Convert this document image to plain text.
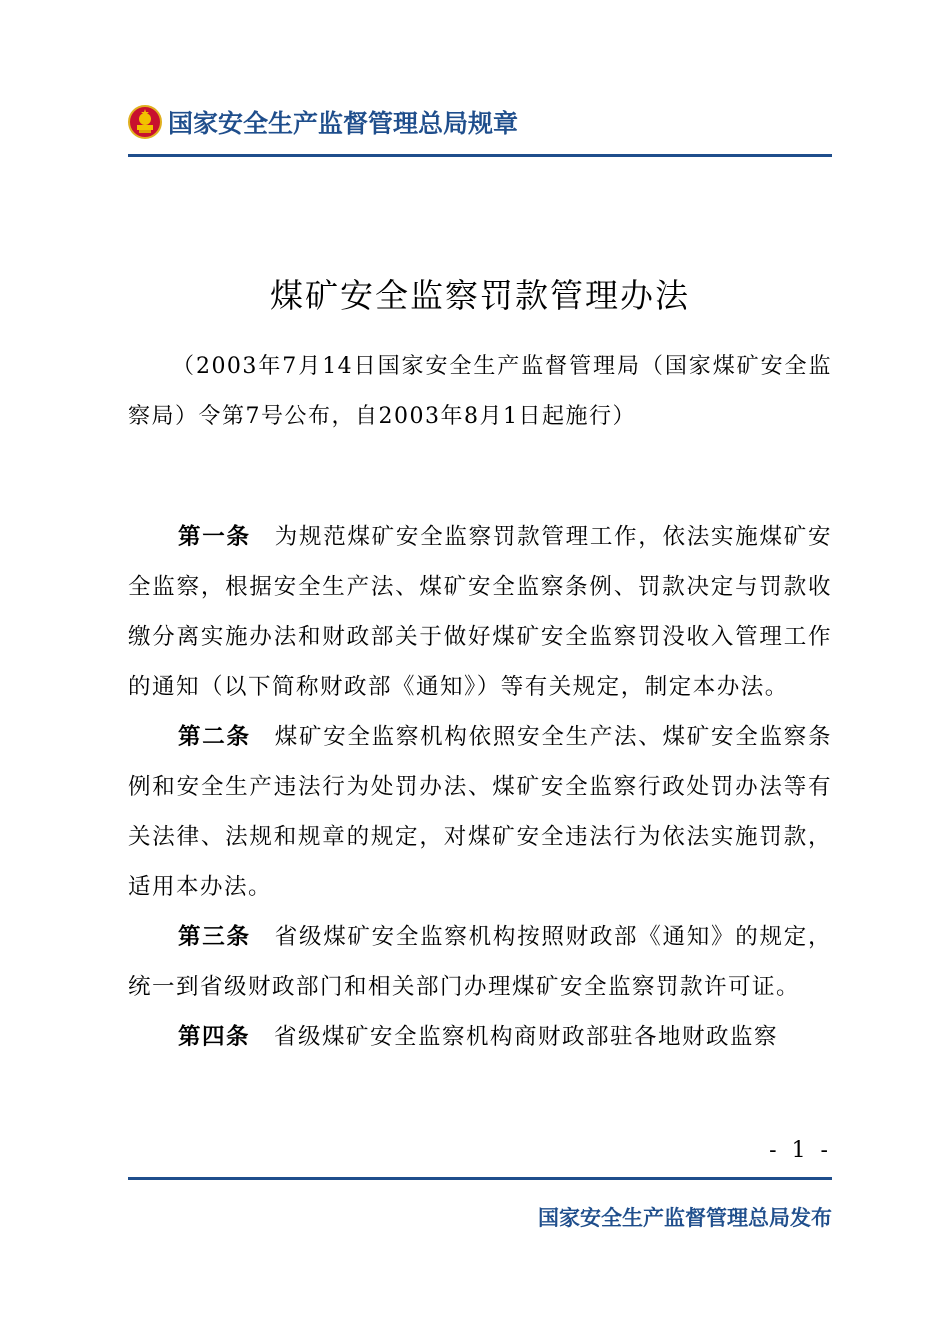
国家安全生产监督管理总局规章
煤矿安全监察罚款管理办法
（2003年7月14日国家安全生产监督管理局（国家煤矿安全监察局）令第7号公布，自2003年8月1日起施行）

第一条 为规范煤矿安全监察罚款管理工作，依法实施煤矿安全监察，根据安全生产法、煤矿安全监察条例、罚款决定与罚款收缴分离实施办法和财政部关于做好煤矿安全监察罚没收入管理工作的通知（以下简称财政部《通知》）等有关规定，制定本办法。

第二条 煤矿安全监察机构依照安全生产法、煤矿安全监察条例和安全生产违法行为处罚办法、煤矿安全监察行政处罚办法等有关法律、法规和规章的规定，对煤矿安全违法行为依法实施罚款，适用本办法。

第三条 省级煤矿安全监察机构按照财政部《通知》的规定，统一到省级财政部门和相关部门办理煤矿安全监察罚款许可证。

第四条 省级煤矿安全监察机构商财政部驻各地财政监察

- 1 -
国家安全生产监督管理总局发布
